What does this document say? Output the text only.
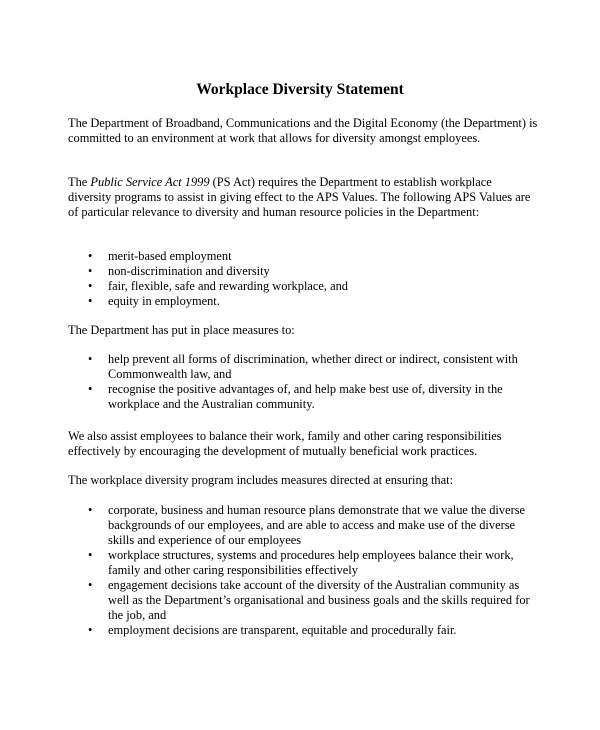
Workplace Diversity Statement

The Department of Broadband, Communications and the Digital Economy (the Department) is committed to an environment at work that allows for diversity amongst employees.

The Public Service Act 1999 (PS Act) requires the Department to establish workplace diversity programs to assist in giving effect to the APS Values. The following APS Values are of particular relevance to diversity and human resource policies in the Department:

• merit-based employment
• non-discrimination and diversity
• fair, flexible, safe and rewarding workplace, and
• equity in employment.

The Department has put in place measures to:

• help prevent all forms of discrimination, whether direct or indirect, consistent with Commonwealth law, and
• recognise the positive advantages of, and help make best use of, diversity in the workplace and the Australian community.

We also assist employees to balance their work, family and other caring responsibilities effectively by encouraging the development of mutually beneficial work practices.

The workplace diversity program includes measures directed at ensuring that:

• corporate, business and human resource plans demonstrate that we value the diverse backgrounds of our employees, and are able to access and make use of the diverse skills and experience of our employees
• workplace structures, systems and procedures help employees balance their work, family and other caring responsibilities effectively
• engagement decisions take account of the diversity of the Australian community as well as the Department’s organisational and business goals and the skills required for the job, and
• employment decisions are transparent, equitable and procedurally fair.
